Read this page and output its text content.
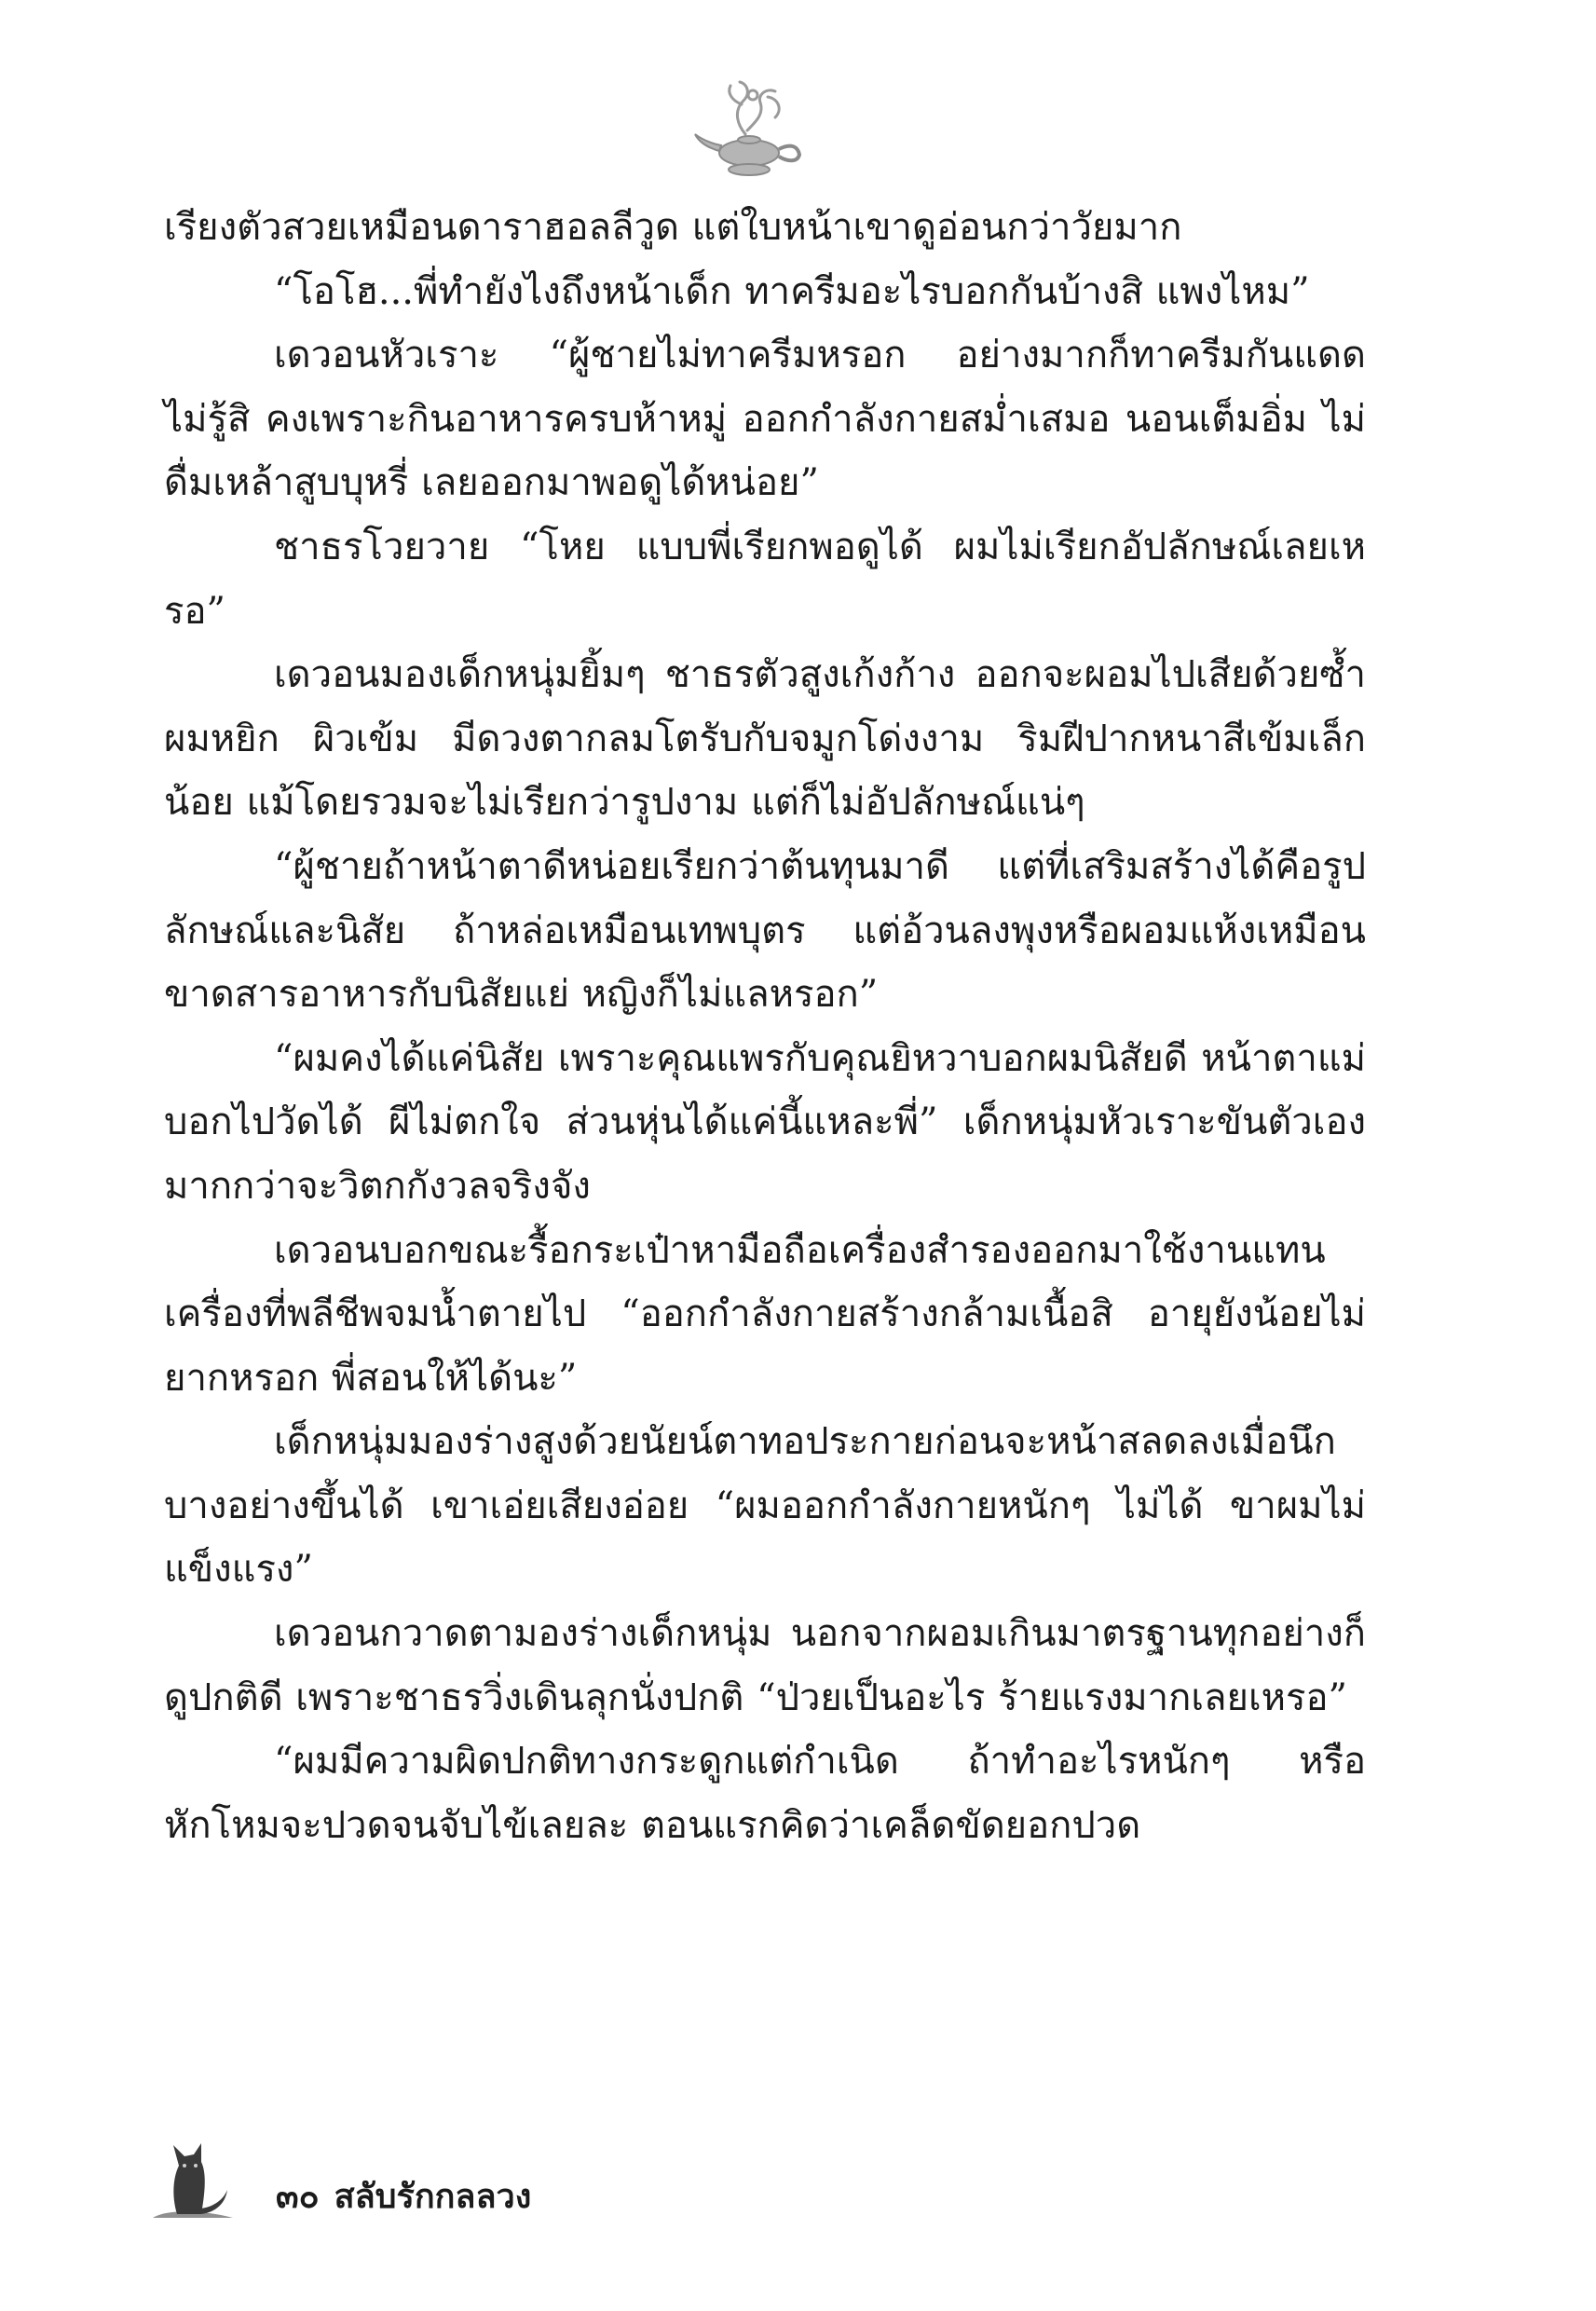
เรียงตัวสวยเหมือนดาราฮอลลีวูด แต่ใบหน้าเขาดูอ่อนกว่าวัยมาก

“โอโฮ...พี่ทำยังไงถึงหน้าเด็ก ทาครีมอะไรบอกกันบ้างสิ แพงไหม”

เดวอนหัวเราะ “ผู้ชายไม่ทาครีมหรอก อย่างมากก็ทาครีมกันแดด ไม่รู้สิ คงเพราะกินอาหารครบห้าหมู่ ออกกำลังกายสม่ำเสมอ นอนเต็มอิ่ม ไม่ดื่มเหล้าสูบบุหรี่ เลยออกมาพอดูได้หน่อย”

ชาธรโวยวาย “โหย แบบพี่เรียกพอดูได้ ผมไม่เรียกอัปลักษณ์เลยเหรอ”

เดวอนมองเด็กหนุ่มยิ้มๆ ชาธรตัวสูงเก้งก้าง ออกจะผอมไปเสียด้วยซ้ำ ผมหยิก ผิวเข้ม มีดวงตากลมโตรับกับจมูกโด่งงาม ริมฝีปากหนาสีเข้มเล็กน้อย แม้โดยรวมจะไม่เรียกว่ารูปงาม แต่ก็ไม่อัปลักษณ์แน่ๆ

“ผู้ชายถ้าหน้าตาดีหน่อยเรียกว่าต้นทุนมาดี แต่ที่เสริมสร้างได้คือรูปลักษณ์และนิสัย ถ้าหล่อเหมือนเทพบุตร แต่อ้วนลงพุงหรือผอมแห้งเหมือนขาดสารอาหารกับนิสัยแย่ หญิงก็ไม่แลหรอก”

“ผมคงได้แค่นิสัย เพราะคุณแพรกับคุณยิหวาบอกผมนิสัยดี หน้าตาแม่บอกไปวัดได้ ผีไม่ตกใจ ส่วนหุ่นได้แค่นี้แหละพี่” เด็กหนุ่มหัวเราะขันตัวเองมากกว่าจะวิตกกังวลจริงจัง

เดวอนบอกขณะรื้อกระเป๋าหามือถือเครื่องสำรองออกมาใช้งานแทนเครื่องที่พลีชีพจมน้ำตายไป “ออกกำลังกายสร้างกล้ามเนื้อสิ อายุยังน้อยไม่ยากหรอก พี่สอนให้ได้นะ”

เด็กหนุ่มมองร่างสูงด้วยนัยน์ตาทอประกายก่อนจะหน้าสลดลงเมื่อนึกบางอย่างขึ้นได้ เขาเอ่ยเสียงอ่อย “ผมออกกำลังกายหนักๆ ไม่ได้ ขาผมไม่แข็งแรง”

เดวอนกวาดตามองร่างเด็กหนุ่ม นอกจากผอมเกินมาตรฐานทุกอย่างก็ดูปกติดี เพราะชาธรวิ่งเดินลุกนั่งปกติ “ป่วยเป็นอะไร ร้ายแรงมากเลยเหรอ”

“ผมมีความผิดปกติทางกระดูกแต่กำเนิด ถ้าทำอะไรหนักๆ หรือหักโหมจะปวดจนจับไข้เลยละ ตอนแรกคิดว่าเคล็ดขัดยอกปวด

๓๐ สลับรักกลลวง
